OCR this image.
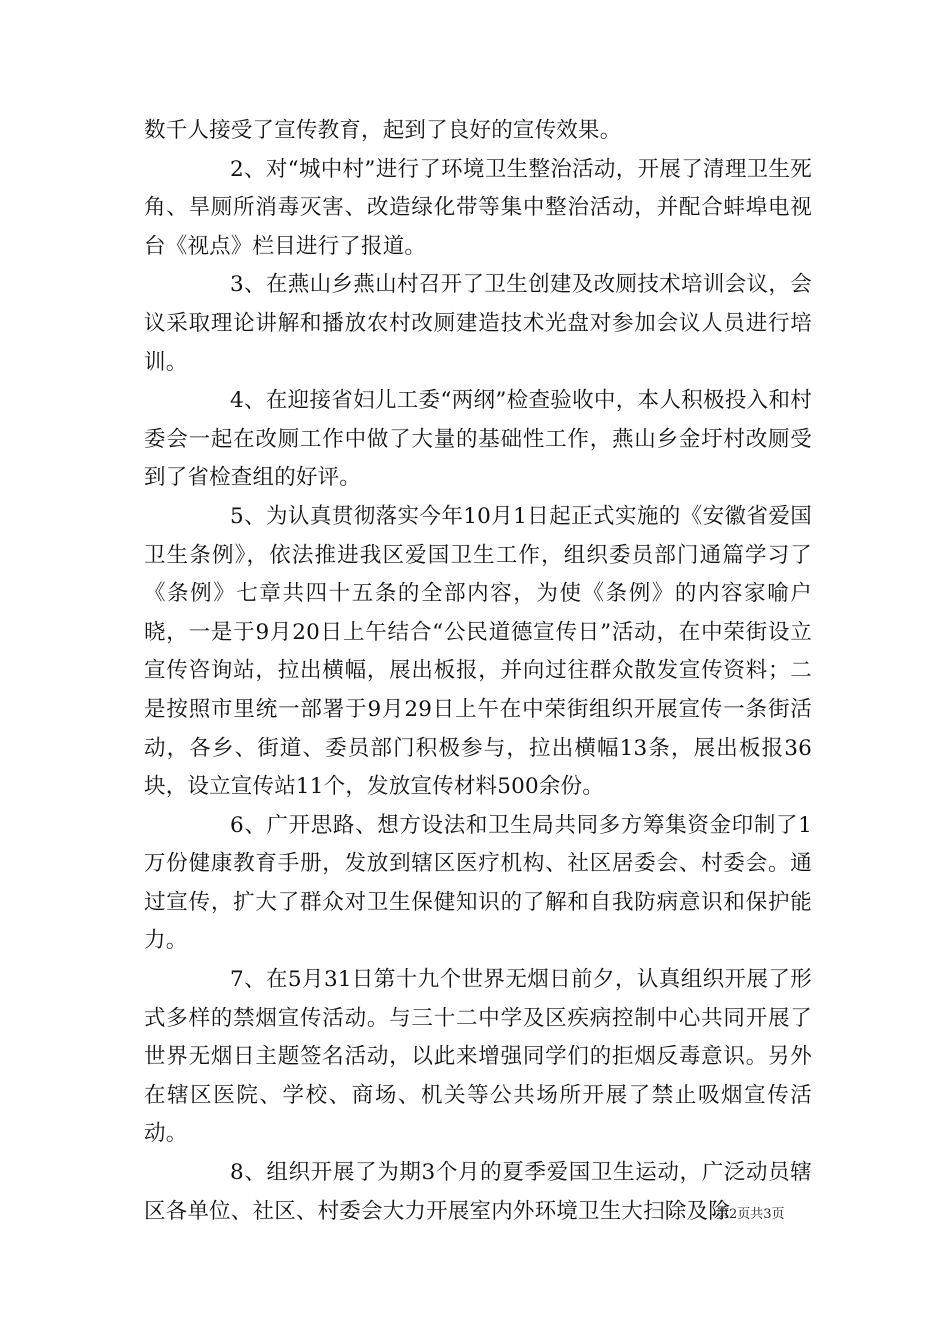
数千人接受了宣传教育，起到了良好的宣传效果。

2、对“城中村”进行了环境卫生整治活动，开展了清理卫生死角、旱厕所消毒灭害、改造绿化带等集中整治活动，并配合蚌埠电视台《视点》栏目进行了报道。

3、在燕山乡燕山村召开了卫生创建及改厕技术培训会议，会议采取理论讲解和播放农村改厕建造技术光盘对参加会议人员进行培训。

4、在迎接省妇儿工委“两纲”检查验收中，本人积极投入和村委会一起在改厕工作中做了大量的基础性工作，燕山乡金圩村改厕受到了省检查组的好评。

5、为认真贯彻落实今年10月1日起正式实施的《安徽省爱国卫生条例》，依法推进我区爱国卫生工作，组织委员部门通篇学习了《条例》七章共四十五条的全部内容，为使《条例》的内容家喻户晓，一是于9月20日上午结合“公民道德宣传日”活动，在中荣街设立宣传咨询站，拉出横幅，展出板报，并向过往群众散发宣传资料；二是按照市里统一部署于9月29日上午在中荣街组织开展宣传一条街活动，各乡、街道、委员部门积极参与，拉出横幅13条，展出板报36块，设立宣传站11个，发放宣传材料500余份。

6、广开思路、想方设法和卫生局共同多方筹集资金印制了1万份健康教育手册，发放到辖区医疗机构、社区居委会、村委会。通过宣传，扩大了群众对卫生保健知识的了解和自我防病意识和保护能力。

7、在5月31日第十九个世界无烟日前夕，认真组织开展了形式多样的禁烟宣传活动。与三十二中学及区疾病控制中心共同开展了世界无烟日主题签名活动，以此来增强同学们的拒烟反毒意识。另外在辖区医院、学校、商场、机关等公共场所开展了禁止吸烟宣传活动。

8、组织开展了为期3个月的夏季爱国卫生运动，广泛动员辖区各单位、社区、村委会大力开展室内外环境卫生大扫除及除

第2页共3页
